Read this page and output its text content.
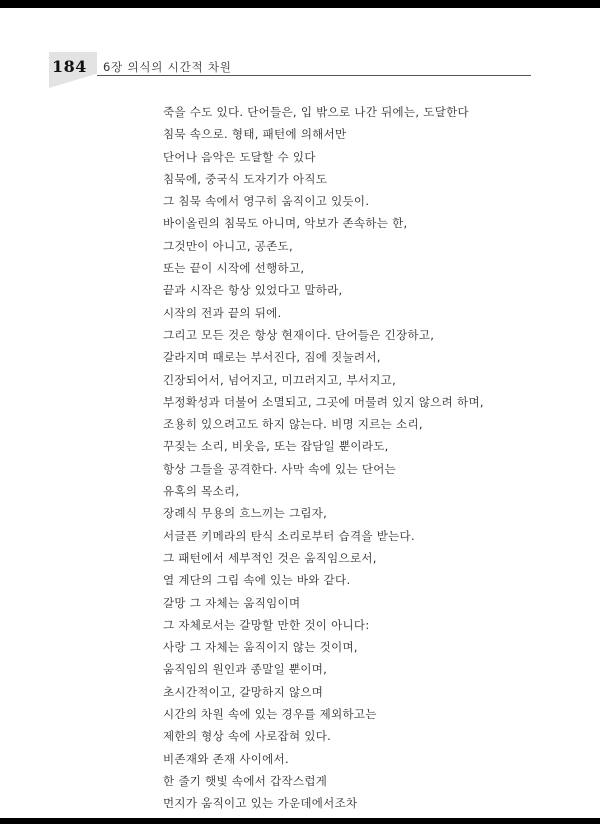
184 6장 의식의 시간적 차원
죽을 수도 있다. 단어들은, 입 밖으로 나간 뒤에는, 도달한다
침묵 속으로. 형태, 패턴에 의해서만
단어나 음악은 도달할 수 있다
침묵에, 중국식 도자기가 아직도
그 침묵 속에서 영구히 움직이고 있듯이.
바이올린의 침묵도 아니며, 악보가 존속하는 한,
그것만이 아니고, 공존도,
또는 끝이 시작에 선행하고,
끝과 시작은 항상 있었다고 말하라,
시작의 전과 끝의 뒤에.
그리고 모든 것은 항상 현재이다. 단어들은 긴장하고,
갈라지며 때로는 부서진다, 짐에 짓눌려서,
긴장되어서, 넘어지고, 미끄러지고, 부서지고,
부정확성과 더불어 소멸되고, 그곳에 머물려 있지 않으려 하며,
조용히 있으려고도 하지 않는다. 비명 지르는 소리,
꾸짖는 소리, 비웃음, 또는 잡담일 뿐이라도,
항상 그들을 공격한다. 사막 속에 있는 단어는
유혹의 목소리,
장례식 무용의 흐느끼는 그림자,
서글픈 키메라의 탄식 소리로부터 습격을 받는다.
그 패턴에서 세부적인 것은 움직임으로서,
열 계단의 그림 속에 있는 바와 같다.
갈망 그 자체는 움직임이며
그 자체로서는 갈망할 만한 것이 아니다:
사랑 그 자체는 움직이지 않는 것이며,
움직임의 원인과 종말일 뿐이며,
초시간적이고, 갈망하지 않으며
시간의 차원 속에 있는 경우를 제외하고는
제한의 형상 속에 사로잡혀 있다.
비존재와 존재 사이에서.
한 줄기 햇빛 속에서 갑작스럽게
먼지가 움직이고 있는 가운데에서조차
